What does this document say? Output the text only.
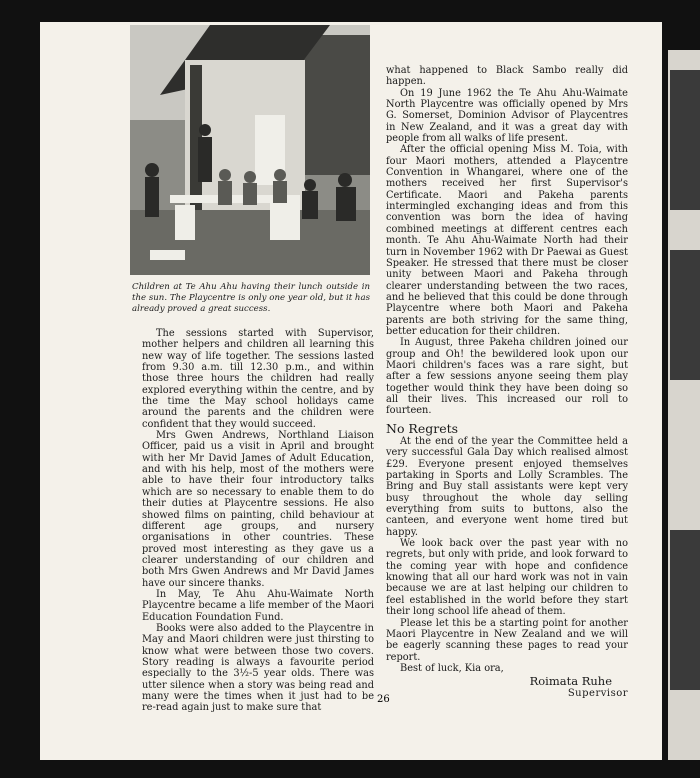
Children at Te Ahu Ahu having their lunch outside in the sun. The Playcentre is only one year old, but it has already proved a great success.

The sessions started with Supervisor, mother helpers and children all learning this new way of life together. The sessions lasted from 9.30 a.m. till 12.30 p.m., and within those three hours the children had really explored everything within the centre, and by the time the May school holidays came around the parents and the children were confident that they would succeed.

Mrs Gwen Andrews, Northland Liaison Officer, paid us a visit in April and brought with her Mr David James of Adult Education, and with his help, most of the mothers were able to have their four introductory talks which are so necessary to enable them to do their duties at Playcentre sessions. He also showed films on painting, child behaviour at different age groups, and nursery organisations in other countries. These proved most interesting as they gave us a clearer understanding of our children and both Mrs Gwen Andrews and Mr David James have our sincere thanks.

In May, Te Ahu Ahu-Waimate North Playcentre became a life member of the Maori Education Foundation Fund.

Books were also added to the Playcentre in May and Maori children were just thirsting to know what were between those two covers. Story reading is always a favourite period especially to the 3½-5 year olds. There was utter silence when a story was being read and many were the times when it just had to be re-read again just to make sure that

what happened to Black Sambo really did happen.

On 19 June 1962 the Te Ahu Ahu-Waimate North Playcentre was officially opened by Mrs G. Somerset, Dominion Advisor of Playcentres in New Zealand, and it was a great day with people from all walks of life present.

After the official opening Miss M. Toia, with four Maori mothers, attended a Playcentre Convention in Whangarei, where one of the mothers received her first Supervisor's Certificate. Maori and Pakeha parents intermingled exchanging ideas and from this convention was born the idea of having combined meetings at different centres each month. Te Ahu Ahu-Waimate North had their turn in November 1962 with Dr Paewai as Guest Speaker. He stressed that there must be closer unity between Maori and Pakeha through clearer understanding between the two races, and he believed that this could be done through Playcentre where both Maori and Pakeha parents are both striving for the same thing, better education for their children.

In August, three Pakeha children joined our group and Oh! the bewildered look upon our Maori children's faces was a rare sight, but after a few sessions anyone seeing them play together would think they have been doing so all their lives. This increased our roll to fourteen.

No Regrets

At the end of the year the Committee held a very successful Gala Day which realised almost £29. Everyone present enjoyed themselves partaking in Sports and Lolly Scrambles. The Bring and Buy stall assistants were kept very busy throughout the whole day selling everything from suits to buttons, also the canteen, and everyone went home tired but happy.

We look back over the past year with no regrets, but only with pride, and look forward to the coming year with hope and confidence knowing that all our hard work was not in vain because we are at last helping our children to feel established in the world before they start their long school life ahead of them.

Please let this be a starting point for another Maori Playcentre in New Zealand and we will be eagerly scanning these pages to read your report.

Best of luck, Kia ora,

Roimata Ruhe
Supervisor
26
